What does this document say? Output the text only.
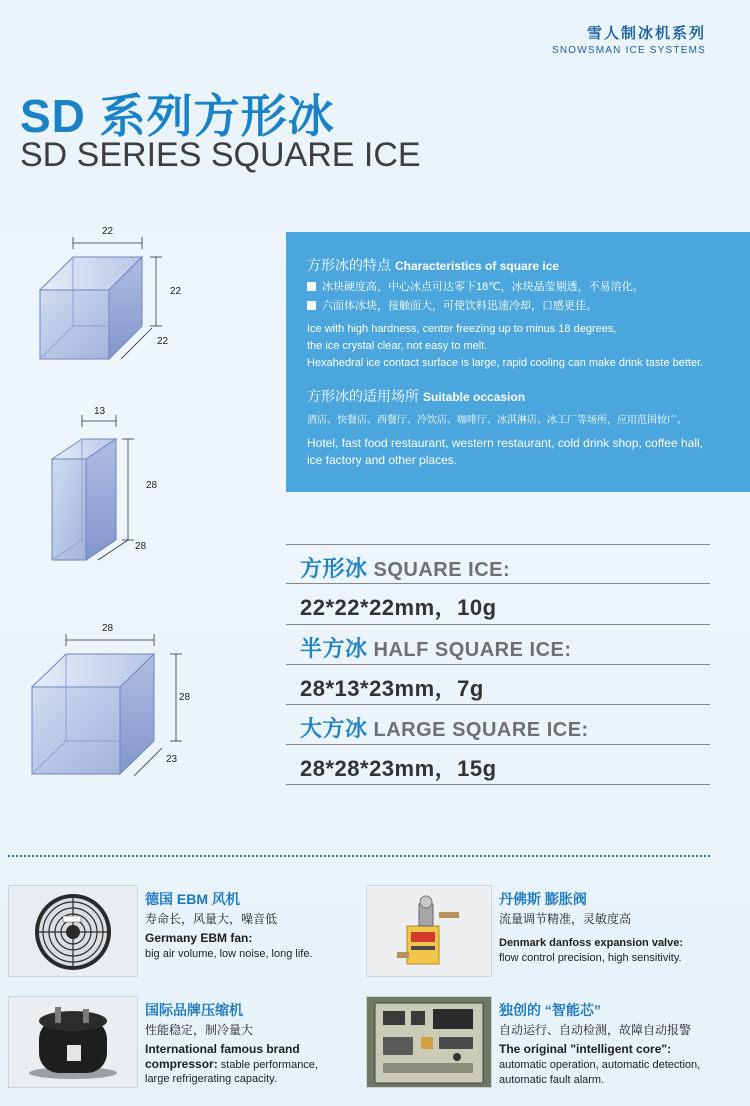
雪人制冰机系列
SNOWSMAN ICE SYSTEMS
SD 系列方形冰
SD SERIES SQUARE ICE
22
22
22
13
28
28
28
28
23
方形冰的特点 Characteristics of square ice
冰块硬度高，中心冰点可达零下18℃，冰块晶莹剔透，不易溶化。
六面体冰块，接触面大，可使饮料迅速冷却，口感更佳。
Ice with high hardness, center freezing up to minus 18 degrees,
the ice crystal clear, not easy to melt.
Hexahedral ice contact surface is large, rapid cooling can make drink taste better.
方形冰的适用场所 Suitable occasion
酒店、快餐店、西餐厅、冷饮店、咖啡厅、冰淇淋店、冰工厂等场所，应用范围较广。
Hotel, fast food restaurant, western restaurant, cold drink shop, coffee hall,
ice factory and other places.
方形冰 SQUARE ICE:
22*22*22mm，10g
半方冰 HALF SQUARE ICE:
28*13*23mm，7g
大方冰 LARGE SQUARE ICE:
28*28*23mm，15g
德国 EBM 风机
寿命长，风量大，噪音低
Germany EBM fan:
big air volume, low noise, long life.
丹佛斯 膨胀阀
流量调节精准，灵敏度高
Denmark danfoss expansion valve:
flow control precision, high sensitivity.
国际品牌压缩机
性能稳定，制冷量大
International famous brand
compressor: stable performance,
large refrigerating capacity.
独创的 “智能芯”
自动运行、自动检测，故障自动报警
The original "intelligent core":
automatic operation, automatic detection,
automatic fault alarm.
